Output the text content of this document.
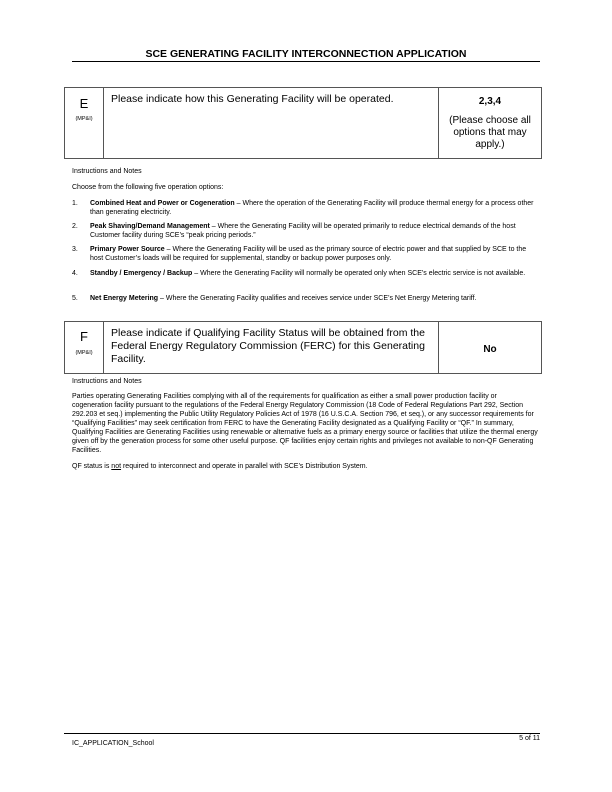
SCE GENERATING FACILITY INTERCONNECTION APPLICATION
E
(MP&I)
Please indicate how this Generating Facility will be operated.	2,3,4
(Please choose all options that may apply.)
Instructions and Notes
Choose from the following five operation options:
1. Combined Heat and Power or Cogeneration – Where the operation of the Generating Facility will produce thermal energy for a process other than generating electricity.
2. Peak Shaving/Demand Management – Where the Generating Facility will be operated primarily to reduce electrical demands of the host Customer facility during SCE’s “peak pricing periods.”
3. Primary Power Source – Where the Generating Facility will be used as the primary source of electric power and that supplied by SCE to the host Customer’s loads will be required for supplemental, standby or backup power purposes only.
4. Standby / Emergency / Backup – Where the Generating Facility will normally be operated only when SCE’s electric service is not available.
5. Net Energy Metering – Where the Generating Facility qualifies and receives service under SCE’s Net Energy Metering tariff.
F
(MP&I)
Please indicate if Qualifying Facility Status will be obtained from the Federal Energy Regulatory Commission (FERC) for this Generating Facility.
No
Instructions and Notes
Parties operating Generating Facilities complying with all of the requirements for qualification as either a small power production facility or cogeneration facility pursuant to the regulations of the Federal Energy Regulatory Commission (18 Code of Federal Regulations Part 292, Section 292.203 et seq.) implementing the Public Utility Regulatory Policies Act of 1978 (16 U.S.C.A. Section 796, et seq.), or any successor requirements for “Qualifying Facilities” may seek certification from FERC to have the Generating Facility designated as a Qualifying Facility or “QF.” In summary, Qualifying Facilities are Generating Facilities using renewable or alternative fuels as a primary energy source or facilities that utilize the thermal energy given off by the generation process for some other useful purpose. QF facilities enjoy certain rights and privileges not available to non-QF Generating Facilities.
QF status is not required to interconnect and operate in parallel with SCE’s Distribution System.
IC_APPLICATION_School
5 of 11
